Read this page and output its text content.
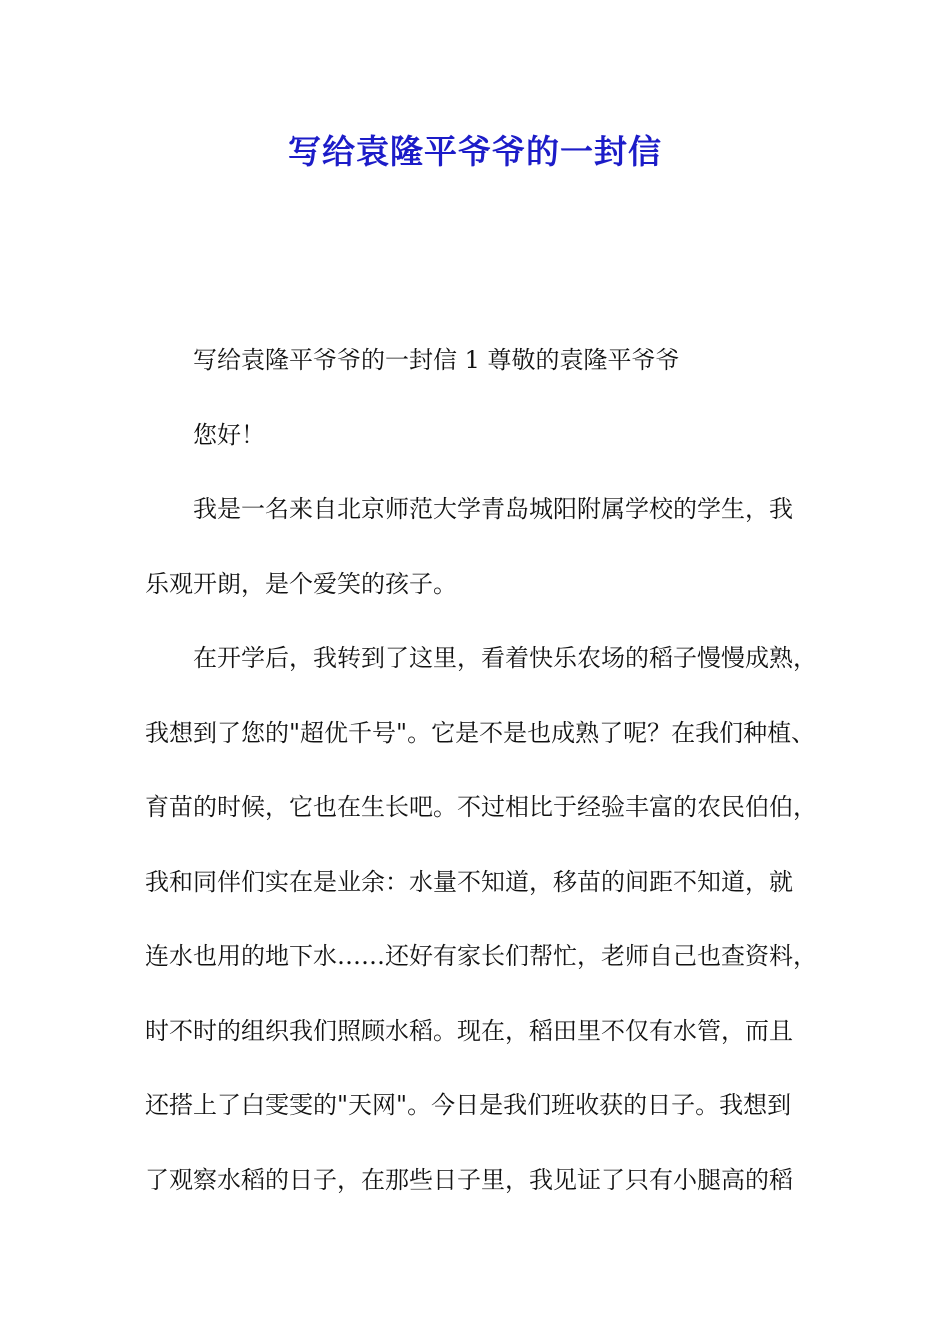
写给袁隆平爷爷的一封信
写给袁隆平爷爷的一封信 1 尊敬的袁隆平爷爷
您好！
我是一名来自北京师范大学青岛城阳附属学校的学生，我
乐观开朗，是个爱笑的孩子。
在开学后，我转到了这里，看着快乐农场的稻子慢慢成熟，
我想到了您的"超优千号"。它是不是也成熟了呢？在我们种植、
育苗的时候，它也在生长吧。不过相比于经验丰富的农民伯伯，
我和同伴们实在是业余：水量不知道，移苗的间距不知道，就
连水也用的地下水……还好有家长们帮忙，老师自己也查资料，
时不时的组织我们照顾水稻。现在，稻田里不仅有水管，而且
还搭上了白雯雯的"天网"。今日是我们班收获的日子。我想到
了观察水稻的日子，在那些日子里，我见证了只有小腿高的稻
